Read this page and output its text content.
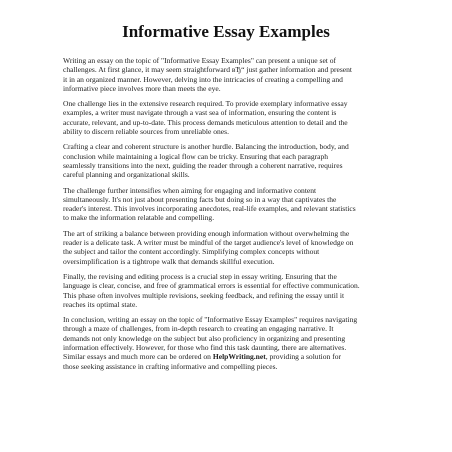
Informative Essay Examples

Writing an essay on the topic of "Informative Essay Examples" can present a unique set of
challenges. At first glance, it may seem straightforward вЂ“ just gather information and present
it in an organized manner. However, delving into the intricacies of creating a compelling and
informative piece involves more than meets the eye.

One challenge lies in the extensive research required. To provide exemplary informative essay
examples, a writer must navigate through a vast sea of information, ensuring the content is
accurate, relevant, and up-to-date. This process demands meticulous attention to detail and the
ability to discern reliable sources from unreliable ones.

Crafting a clear and coherent structure is another hurdle. Balancing the introduction, body, and
conclusion while maintaining a logical flow can be tricky. Ensuring that each paragraph
seamlessly transitions into the next, guiding the reader through a coherent narrative, requires
careful planning and organizational skills.

The challenge further intensifies when aiming for engaging and informative content
simultaneously. It's not just about presenting facts but doing so in a way that captivates the
reader's interest. This involves incorporating anecdotes, real-life examples, and relevant statistics
to make the information relatable and compelling.

The art of striking a balance between providing enough information without overwhelming the
reader is a delicate task. A writer must be mindful of the target audience's level of knowledge on
the subject and tailor the content accordingly. Simplifying complex concepts without
oversimplification is a tightrope walk that demands skillful execution.

Finally, the revising and editing process is a crucial step in essay writing. Ensuring that the
language is clear, concise, and free of grammatical errors is essential for effective communication.
This phase often involves multiple revisions, seeking feedback, and refining the essay until it
reaches its optimal state.

In conclusion, writing an essay on the topic of "Informative Essay Examples" requires navigating
through a maze of challenges, from in-depth research to creating an engaging narrative. It
demands not only knowledge on the subject but also proficiency in organizing and presenting
information effectively. However, for those who find this task daunting, there are alternatives.
Similar essays and much more can be ordered on HelpWriting.net, providing a solution for
those seeking assistance in crafting informative and compelling pieces.
